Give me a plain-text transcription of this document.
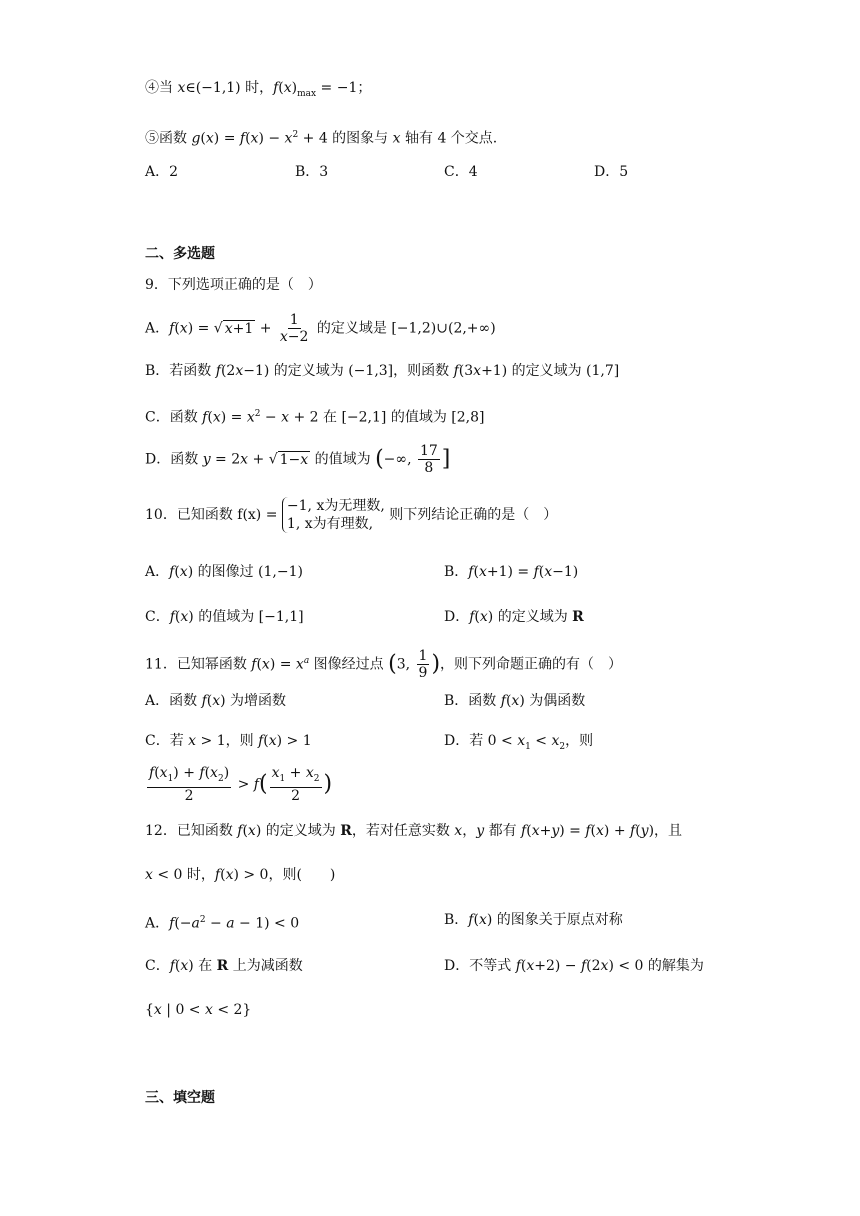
④当 x∈(−1,1) 时，$f(x)_{max} = -1$；
⑤函数 $g(x) = f(x) - x^2 + 4$ 的图象与 x 轴有 4 个交点.
A．2	B．3	C．4	D．5
二、多选题
9．下列选项正确的是（　）
A．f(x) = √ $x+1 + \frac{1}{x-2}$ 的定义域是 [−1,2)∪(2,+∞)
B．若函数 f(2x−1) 的定义域为 (−1,3]，则函数 f(3x+1) 的定义域为 (1,7]
C．函数 $f(x) = x^2 - x + 2$ 在 [−2,1] 的值域为 [2,8]
D．函数 y = 2x + √ 1−x 的值域为 (−∞, $\frac{17}{8}$ ]
10．已知函数 f(x) =
−1, x为无理数,
1, x为有理数,
则下列结论正确的是（　）
A．f(x) 的图像过 (1,−1)	B．f(x+1) = f(x−1)
C．f(x) 的值域为 [−1,1]	D．f(x) 的定义域为 R
11．已知幂函数 $f(x) = x^a$ 图像经过点 (3, $\frac{1}{9}$ )，则下列命题正确的有（　）
A．函数 f(x) 为增函数	B．函数 f(x) 为偶函数
C．若 x > 1，则 f(x) > 1	D．若 $0 < x_1 < x_2$，则
$\frac{f(x_1) + f(x_2)}{2} > f( \frac{x_1 + x_2}{2}$ )
12．已知函数 f(x) 的定义域为 R，若对任意实数 x，y 都有 f(x+y) = f(x) + f(y)，且
x < 0 时，f(x) > 0，则(　　)
A．$f(-a^2 - a - 1) < 0$	B．f(x) 的图象关于原点对称
C．f(x) 在 R 上为减函数	D．不等式 f(x+2) − f(2x) < 0 的解集为
{x | 0 < x < 2}
三、填空题
